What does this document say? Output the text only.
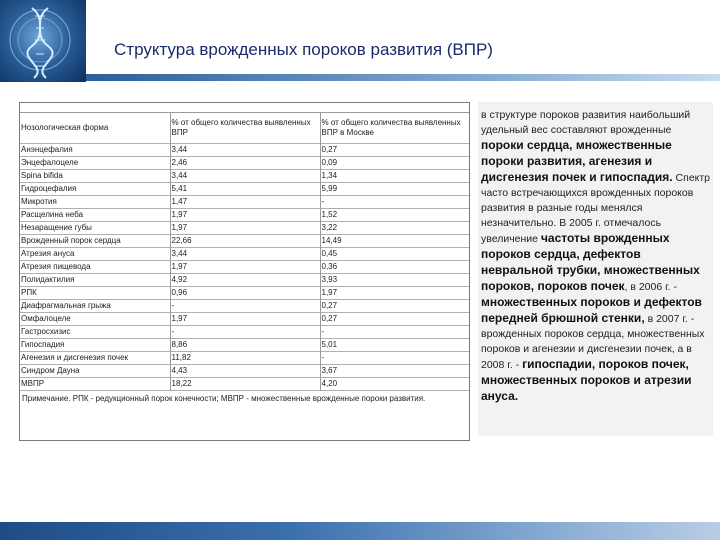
Структура врожденных пороков развития (ВПР)

Нозологическая форма	% от общего количества выявленных ВПР	% от общего количества выявленных ВПР в Москве
Анэнцефалия	3,44	0,27
Энцефалоцеле	2,46	0,09
Spina bifida	3,44	1,34
Гидроцефалия	5,41	5,99
Микротия	1,47	-
Расщелина неба	1,97	1,52
Незаращение губы	1,97	3,22
Врожденный порок сердца	22,66	14,49
Атрезия ануса	3,44	0,45
Атрезия пищевода	1,97	0,36
Полидактилия	4,92	3,93
РПК	0,96	1,97
Диафрагмальная грыжа	-	0,27
Омфалоцеле	1,97	0,27
Гастросхизис	-	-
Гипоспадия	8,86	5,01
Агенезия и дисгенезия почек	11,82	-
Синдром Дауна	4,43	3,67
МВПР	18,22	4,20
Примечание. РПК - редукционный порок конечности; МВПР - множественные врожденные пороки развития.		

в структуре пороков развития наибольший удельный вес составляют врожденные пороки сердца, множественные пороки развития, агенезия и дисгенезия почек и гипоспадия. Спектр часто встречающихся врожденных пороков развития в разные годы менялся незначительно. В 2005 г. отмечалось увеличение частоты врожденных пороков сердца, дефектов невральной трубки, множественных пороков, пороков почек, в 2006 г. - множественных пороков и дефектов передней брюшной стенки, в 2007 г. - врожденных пороков сердца, множественных пороков и агенезии и дисгенезии почек, а в 2008 г. - гипоспадии, пороков почек, множественных пороков и атрезии ануса.
